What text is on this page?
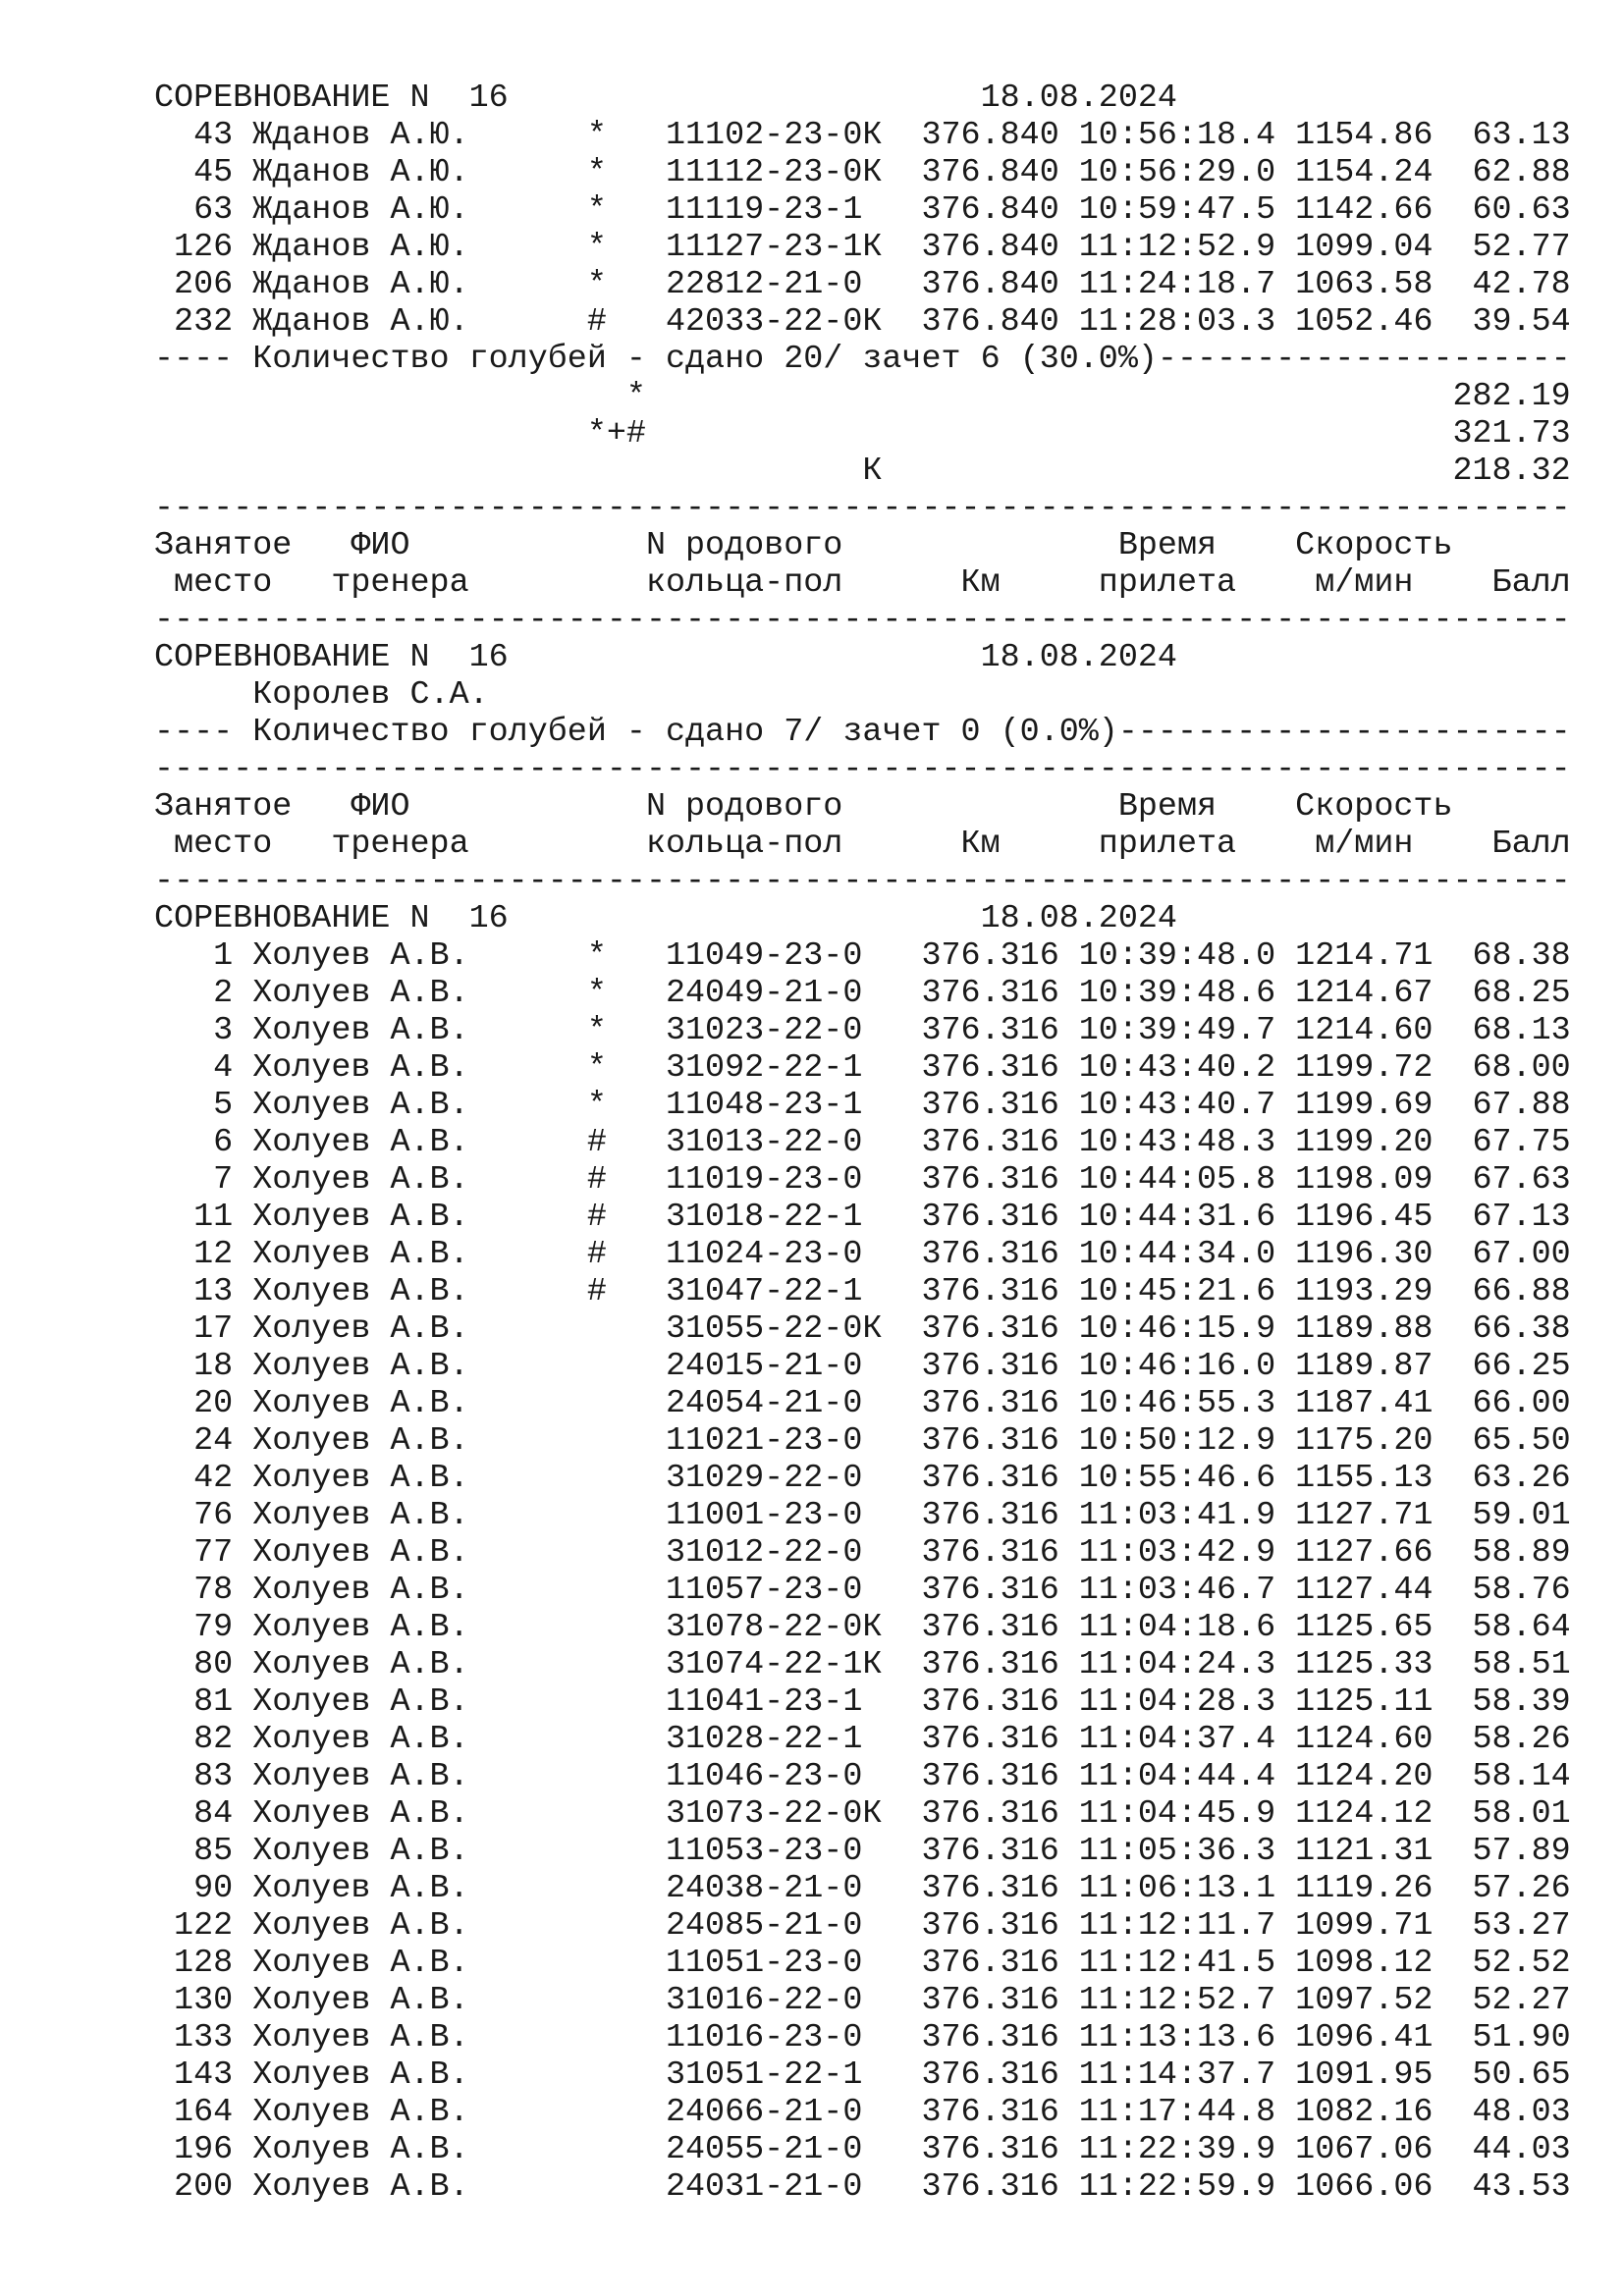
СОРЕВНОВАНИЕ N  16                        18.08.2024
43 Жданов А.Ю.      *   11102-23-0К  376.840 10:56:18.4 1154.86  63.13
45 Жданов А.Ю.      *   11112-23-0К  376.840 10:56:29.0 1154.24  62.88
63 Жданов А.Ю.      *   11119-23-1   376.840 10:59:47.5 1142.66  60.63
126 Жданов А.Ю.      *   11127-23-1К  376.840 11:12:52.9 1099.04  52.77
206 Жданов А.Ю.      *   22812-21-0   376.840 11:24:18.7 1063.58  42.78
232 Жданов А.Ю.      #   42033-22-0К  376.840 11:28:03.3 1052.46  39.54
---- Количество голубей - сдано 20/ зачет 6 (30.0%)---------------------
*                                         282.19
*+#                                         321.73
К                             218.32
------------------------------------------------------------------------
Занятое   ФИО            N родового              Время    Скорость
место   тренера         кольца-пол      Км     прилета    м/мин    Балл
------------------------------------------------------------------------
СОРЕВНОВАНИЕ N  16                        18.08.2024
Королев С.А.
---- Количество голубей - сдано 7/ зачет 0 (0.0%)-----------------------
------------------------------------------------------------------------
Занятое   ФИО            N родового              Время    Скорость
место   тренера         кольца-пол      Км     прилета    м/мин    Балл
------------------------------------------------------------------------
СОРЕВНОВАНИЕ N  16                        18.08.2024
1 Холуев А.В.      *   11049-23-0   376.316 10:39:48.0 1214.71  68.38
2 Холуев А.В.      *   24049-21-0   376.316 10:39:48.6 1214.67  68.25
3 Холуев А.В.      *   31023-22-0   376.316 10:39:49.7 1214.60  68.13
4 Холуев А.В.      *   31092-22-1   376.316 10:43:40.2 1199.72  68.00
5 Холуев А.В.      *   11048-23-1   376.316 10:43:40.7 1199.69  67.88
6 Холуев А.В.      #   31013-22-0   376.316 10:43:48.3 1199.20  67.75
7 Холуев А.В.      #   11019-23-0   376.316 10:44:05.8 1198.09  67.63
11 Холуев А.В.      #   31018-22-1   376.316 10:44:31.6 1196.45  67.13
12 Холуев А.В.      #   11024-23-0   376.316 10:44:34.0 1196.30  67.00
13 Холуев А.В.      #   31047-22-1   376.316 10:45:21.6 1193.29  66.88
17 Холуев А.В.          31055-22-0К  376.316 10:46:15.9 1189.88  66.38
18 Холуев А.В.          24015-21-0   376.316 10:46:16.0 1189.87  66.25
20 Холуев А.В.          24054-21-0   376.316 10:46:55.3 1187.41  66.00
24 Холуев А.В.          11021-23-0   376.316 10:50:12.9 1175.20  65.50
42 Холуев А.В.          31029-22-0   376.316 10:55:46.6 1155.13  63.26
76 Холуев А.В.          11001-23-0   376.316 11:03:41.9 1127.71  59.01
77 Холуев А.В.          31012-22-0   376.316 11:03:42.9 1127.66  58.89
78 Холуев А.В.          11057-23-0   376.316 11:03:46.7 1127.44  58.76
79 Холуев А.В.          31078-22-0К  376.316 11:04:18.6 1125.65  58.64
80 Холуев А.В.          31074-22-1К  376.316 11:04:24.3 1125.33  58.51
81 Холуев А.В.          11041-23-1   376.316 11:04:28.3 1125.11  58.39
82 Холуев А.В.          31028-22-1   376.316 11:04:37.4 1124.60  58.26
83 Холуев А.В.          11046-23-0   376.316 11:04:44.4 1124.20  58.14
84 Холуев А.В.          31073-22-0К  376.316 11:04:45.9 1124.12  58.01
85 Холуев А.В.          11053-23-0   376.316 11:05:36.3 1121.31  57.89
90 Холуев А.В.          24038-21-0   376.316 11:06:13.1 1119.26  57.26
122 Холуев А.В.          24085-21-0   376.316 11:12:11.7 1099.71  53.27
128 Холуев А.В.          11051-23-0   376.316 11:12:41.5 1098.12  52.52
130 Холуев А.В.          31016-22-0   376.316 11:12:52.7 1097.52  52.27
133 Холуев А.В.          11016-23-0   376.316 11:13:13.6 1096.41  51.90
143 Холуев А.В.          31051-22-1   376.316 11:14:37.7 1091.95  50.65
164 Холуев А.В.          24066-21-0   376.316 11:17:44.8 1082.16  48.03
196 Холуев А.В.          24055-21-0   376.316 11:22:39.9 1067.06  44.03
200 Холуев А.В.          24031-21-0   376.316 11:22:59.9 1066.06  43.53
